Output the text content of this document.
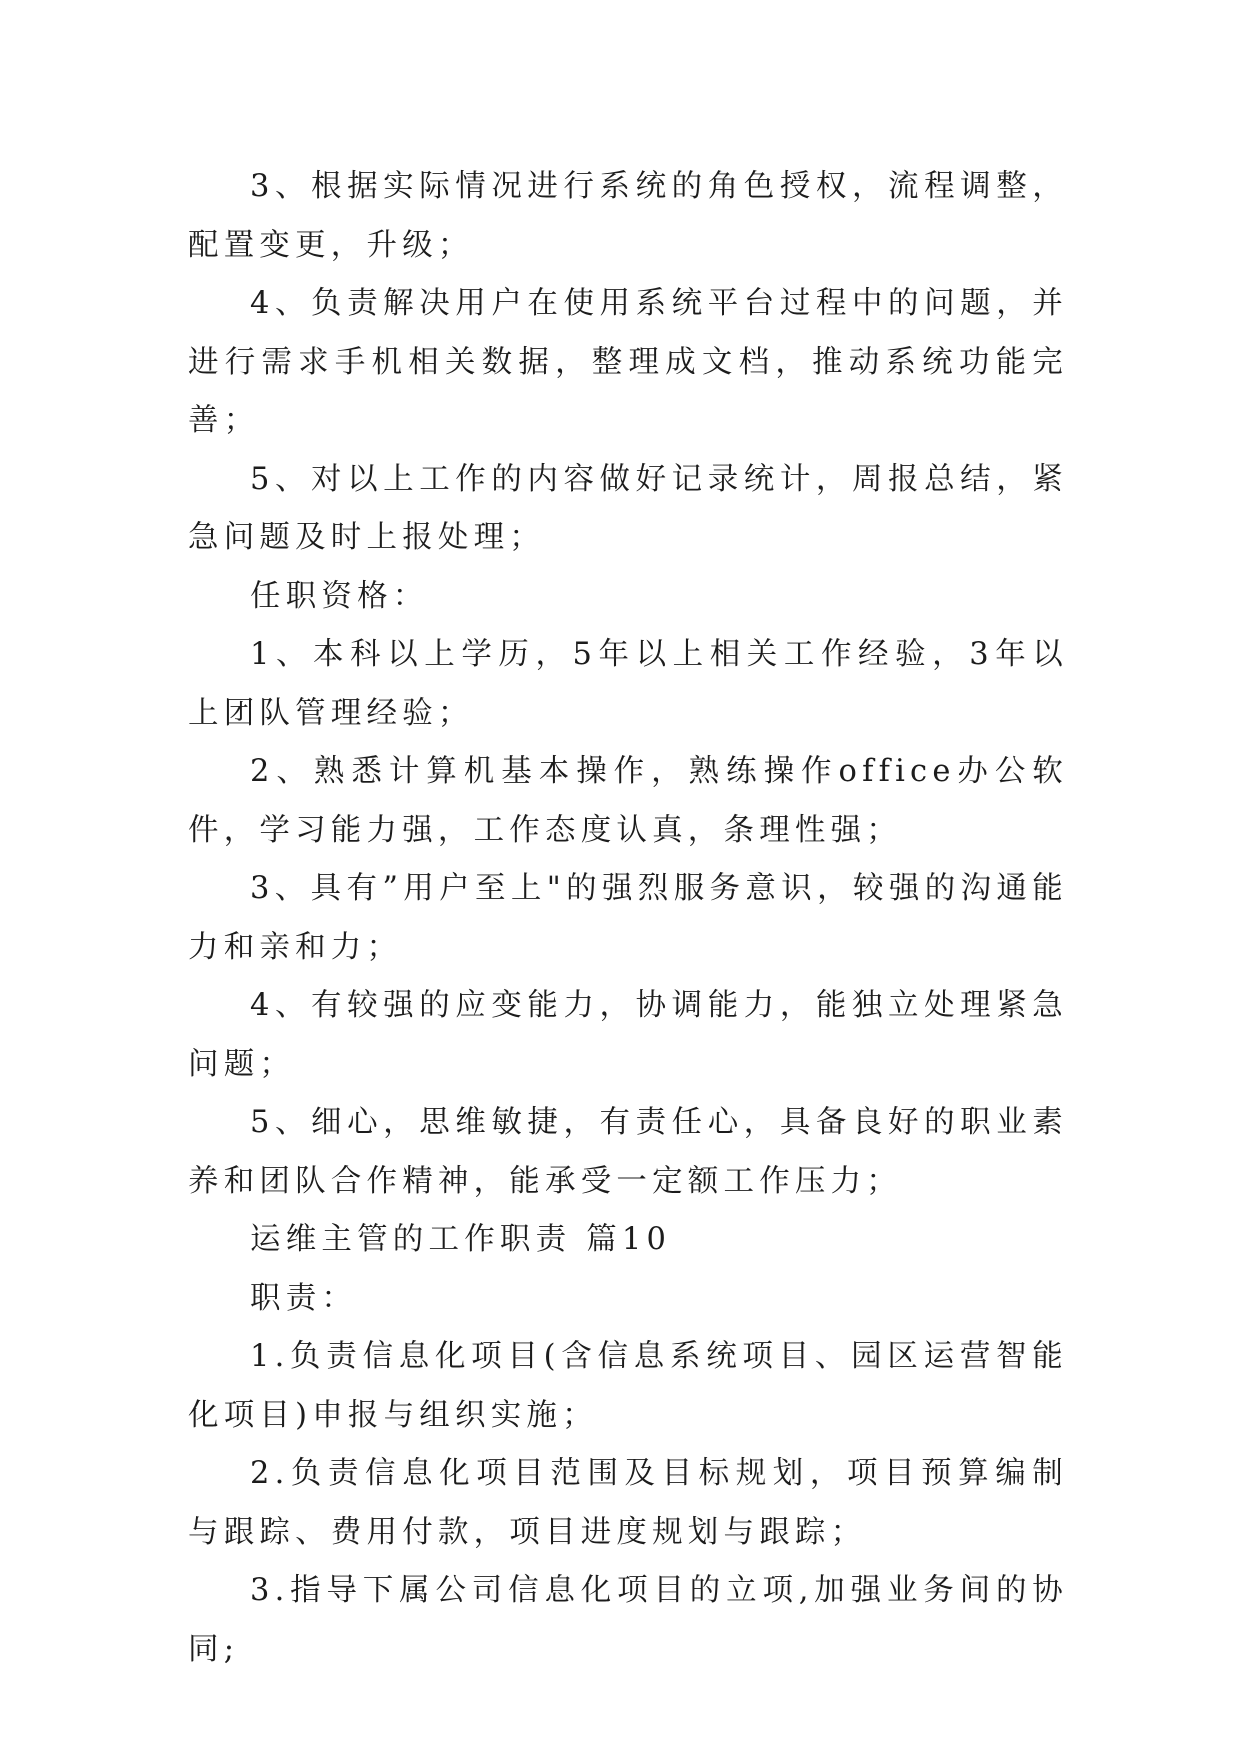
3、根据实际情况进行系统的角色授权，流程调整，配置变更，升级；

4、负责解决用户在使用系统平台过程中的问题，并进行需求手机相关数据，整理成文档，推动系统功能完善；

5、对以上工作的内容做好记录统计，周报总结，紧急问题及时上报处理；

任职资格：

1、本科以上学历，5年以上相关工作经验，3年以上团队管理经验；

2、熟悉计算机基本操作，熟练操作office办公软件，学习能力强，工作态度认真，条理性强；

3、具有”用户至上"的强烈服务意识，较强的沟通能力和亲和力；

4、有较强的应变能力，协调能力，能独立处理紧急问题；

5、细心，思维敏捷，有责任心，具备良好的职业素养和团队合作精神，能承受一定额工作压力；

运维主管的工作职责 篇10

职责：

1.负责信息化项目(含信息系统项目、园区运营智能化项目)申报与组织实施；

2.负责信息化项目范围及目标规划，项目预算编制与跟踪、费用付款，项目进度规划与跟踪；

3.指导下属公司信息化项目的立项,加强业务间的协同;
